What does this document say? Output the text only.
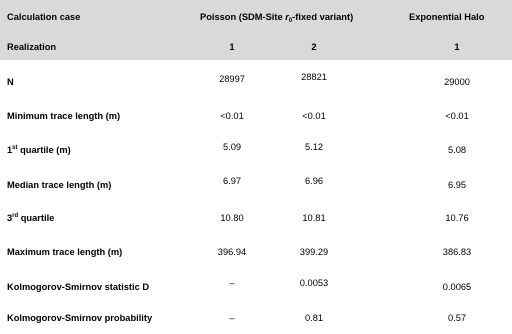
Calculation case	Poisson (SDM-Site $r_0$-fixed variant)	Exponential Halo
Realization	1	2	1
N	28997	28821	29000
Minimum trace length (m)	<0.01	<0.01	<0.01
1st quartile (m)	5.09	5.12	5.08
Median trace length (m)	6.97	6.96	6.95
3rd quartile	10.80	10.81	10.76
Maximum trace length (m)	396.94	399.29	386.83
Kolmogorov-Smirnov statistic D	–	0.0053	0.0065
Kolmogorov-Smirnov probability	–	0.81	0.57
